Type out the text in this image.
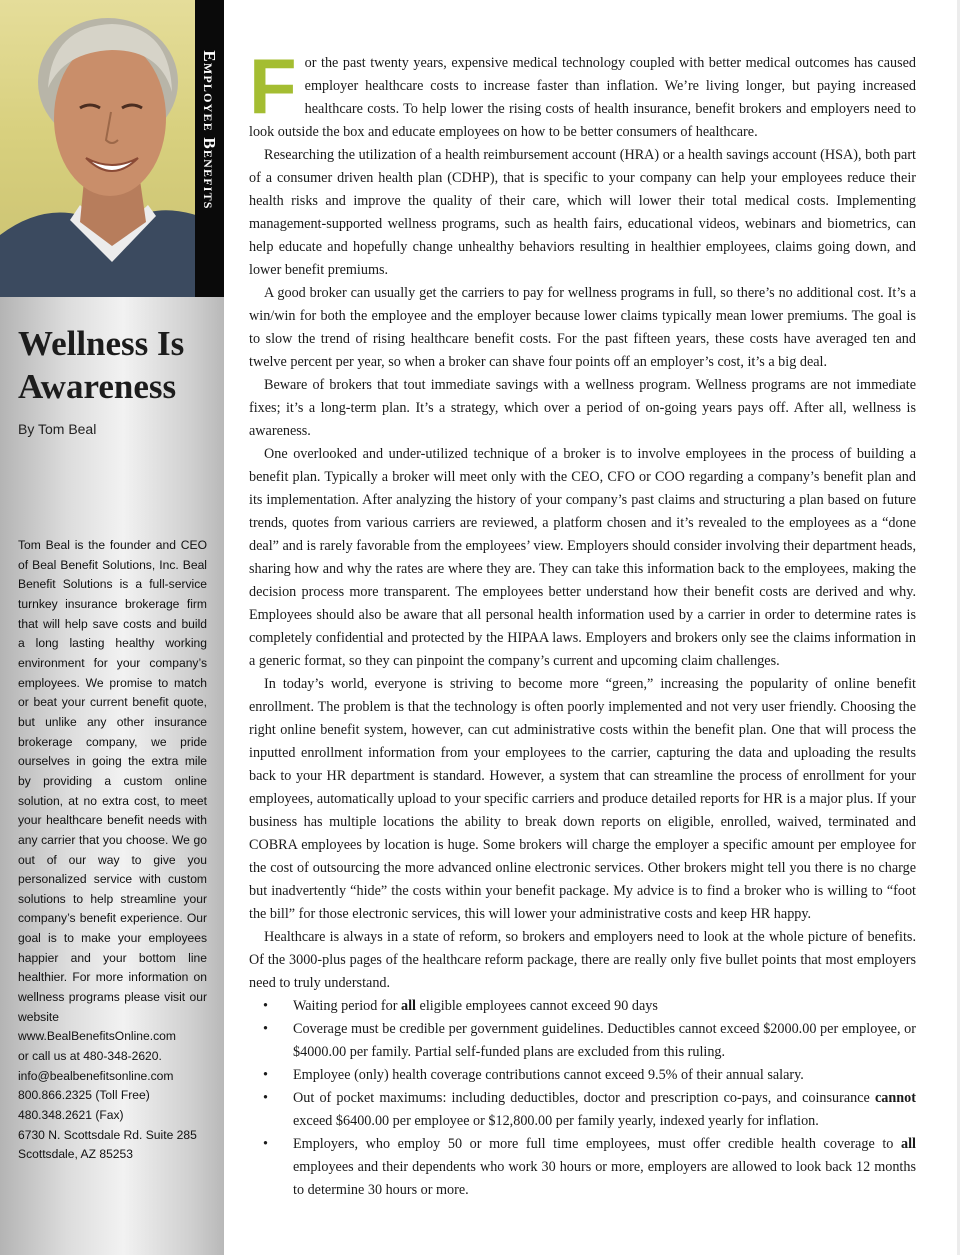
Wellness Is
Awareness
By Tom Beal

Tom Beal is the founder and CEO of Beal Benefit Solutions, Inc. Beal Benefit Solutions is a full-service turnkey insurance brokerage firm that will help save costs and build a long lasting healthy working environment for your company’s employees. We promise to match or beat your current benefit quote, but unlike any other insurance brokerage company, we pride ourselves in going the extra mile by providing a custom online solution, at no extra cost, to meet your healthcare benefit needs with any carrier that you choose. We go out of our way to give you personalized service with custom solutions to help streamline your company’s benefit experience. Our goal is to make your employees happier and your bottom line healthier. For more information on wellness programs please visit our website

www.BealBenefitsOnline.com
or call us at 480-348-2620.
info@bealbenefitsonline.com
800.866.2325 (Toll Free)
480.348.2621 (Fax)
6730 N. Scottsdale Rd. Suite 285
Scottsdale, AZ 85253
Employee Benefits For the past twenty years, expensive medical technology coupled with better medical outcomes has caused employer healthcare costs to increase faster than inflation. We’re living longer, but paying increased healthcare costs. To help lower the rising costs of health insurance, benefit brokers and employers need to look outside the box and educate employees on how to be better consumers of healthcare.

Researching the utilization of a health reimbursement account (HRA) or a health savings account (HSA), both part of a consumer driven health plan (CDHP), that is specific to your company can help your employees reduce their health risks and improve the quality of their care, which will lower their total medical costs. Implementing management-supported wellness programs, such as health fairs, educational videos, webinars and biometrics, can help educate and hopefully change unhealthy behaviors resulting in healthier employees, claims going down, and lower benefit premiums.

A good broker can usually get the carriers to pay for wellness programs in full, so there’s no additional cost. It’s a win/win for both the employee and the employer because lower claims typically mean lower premiums. The goal is to slow the trend of rising healthcare benefit costs. For the past fifteen years, these costs have averaged ten and twelve percent per year, so when a broker can shave four points off an employer’s cost, it’s a big deal.

Beware of brokers that tout immediate savings with a wellness program. Wellness programs are not immediate fixes; it’s a long-term plan. It’s a strategy, which over a period of on-going years pays off. After all, wellness is awareness.

One overlooked and under-utilized technique of a broker is to involve employees in the process of building a benefit plan. Typically a broker will meet only with the CEO, CFO or COO regarding a company’s benefit plan and its implementation. After analyzing the history of your company’s past claims and structuring a plan based on future trends, quotes from various carriers are reviewed, a platform chosen and it’s revealed to the employees as a “done deal” and is rarely favorable from the employees’ view. Employers should consider involving their department heads, sharing how and why the rates are where they are. They can take this information back to the employees, making the decision process more transparent. The employees better understand how their benefit costs are derived and why. Employees should also be aware that all personal health information used by a carrier in order to determine rates is completely confidential and protected by the HIPAA laws. Employers and brokers only see the claims information in a generic format, so they can pinpoint the company’s current and upcoming claim challenges.

In today’s world, everyone is striving to become more “green,” increasing the popularity of online benefit enrollment. The problem is that the technology is often poorly implemented and not very user friendly. Choosing the right online benefit system, however, can cut administrative costs within the benefit plan. One that will process the inputted enrollment information from your employees to the carrier, capturing the data and uploading the results back to your HR department is standard. However, a system that can streamline the process of enrollment for your employees, automatically upload to your specific carriers and produce detailed reports for HR is a major plus. If your business has multiple locations the ability to break down reports on eligible, enrolled, waived, terminated and COBRA employees by location is huge. Some brokers will charge the employer a specific amount per employee for the cost of outsourcing the more advanced online electronic services. Other brokers might tell you there is no charge but inadvertently “hide” the costs within your benefit package. My advice is to find a broker who is willing to “foot the bill” for those electronic services, this will lower your administrative costs and keep HR happy.

Healthcare is always in a state of reform, so brokers and employers need to look at the whole picture of benefits. Of the 3000-plus pages of the healthcare reform package, there are really only five bullet points that most employers need to truly understand.

• Waiting period for all eligible employees cannot exceed 90 days
• Coverage must be credible per government guidelines. Deductibles cannot exceed $2000.00 per employee, or $4000.00 per family. Partial self-funded plans are excluded from this ruling.
• Employee (only) health coverage contributions cannot exceed 9.5% of their annual salary.
• Out of pocket maximums: including deductibles, doctor and prescription co-pays, and coinsurance cannot exceed $6400.00 per employee or $12,800.00 per family yearly, indexed yearly for inflation.
• Employers, who employ 50 or more full time employees, must offer credible health coverage to all employees and their dependents who work 30 hours or more, employers are allowed to look back 12 months to determine 30 hours or more.
